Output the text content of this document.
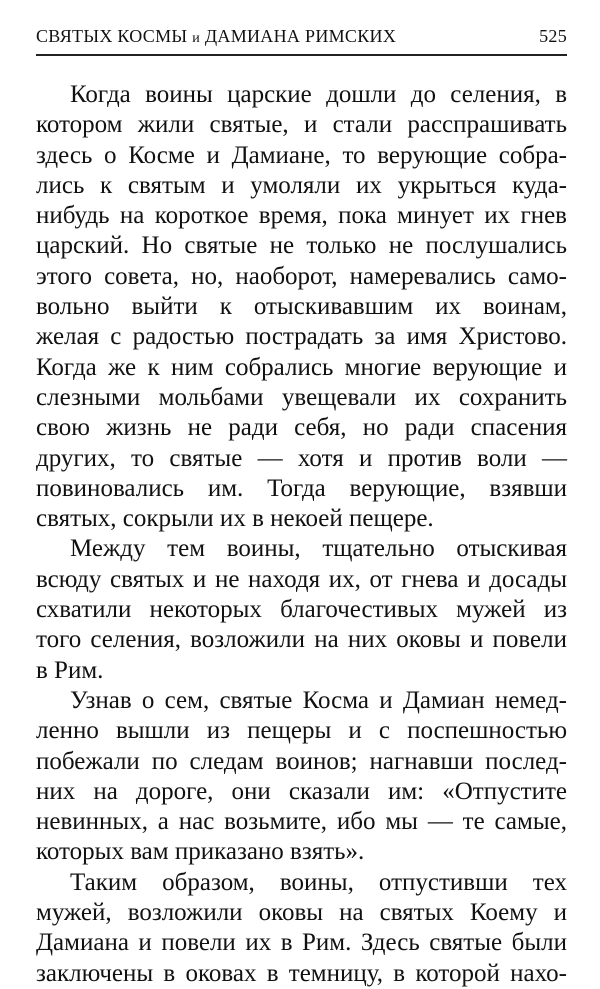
СВЯТЫХ КОСМЫ и ДАМИАНА РИМСКИХ	525
Когда воины царские дошли до селения, в
котором жили святые, и стали расспрашивать
здесь о Косме и Дамиане, то верующие собра-
лись к святым и умоляли их укрыться куда-
нибудь на короткое время, пока минует их гнев
царский. Но святые не только не послушались
этого совета, но, наоборот, намеревались само-
вольно выйти к отыскивавшим их воинам,
желая с радостью пострадать за имя Христово.
Когда же к ним собрались многие верующие и
слезными мольбами увещевали их сохранить
свою жизнь не ради себя, но ради спасения
других, то святые — хотя и против воли —
повиновались им. Тогда верующие, взявши
святых, сокрыли их в некоей пещере.
Между тем воины, тщательно отыскивая
всюду святых и не находя их, от гнева и досады
схватили некоторых благочестивых мужей из
того селения, возложили на них оковы и повели
в Рим.
Узнав о сем, святые Косма и Дамиан немед-
ленно вышли из пещеры и с поспешностью
побежали по следам воинов; нагнавши послед-
них на дороге, они сказали им: «Отпустите
невинных, а нас возьмите, ибо мы — те самые,
которых вам приказано взять».
Таким образом, воины, отпустивши тех
мужей, возложили оковы на святых Коему и
Дамиана и повели их в Рим. Здесь святые были
заключены в оковах в темницу, в которой нахо-
